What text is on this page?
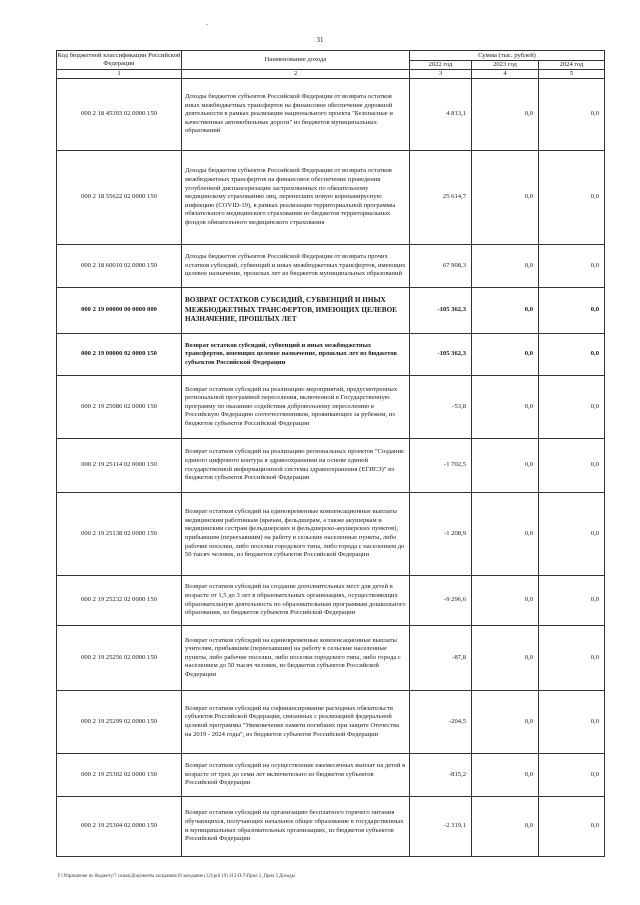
-
31
Код бюджетной классификации Российской Федерации	Наименование дохода	Сумма (тыс. рублей)		
		2022 год	2023 год	2024 год
1	2	3	4	5
000 2 18 45393 02 0000 150	Доходы бюджетов субъектов Российской Федерации от возврата остатков иных межбюджетных трансфертов на финансовое обеспечение дорожной деятельности в рамках реализации национального проекта "Безопасные и качественные автомобильные дороги" из бюджетов муниципальных образований	4 813,1	0,0	0,0
000 2 18 55622 02 0000 150	Доходы бюджетов субъектов Российской Федерации от возврата остатков межбюджетных трансфертов на финансовое обеспечение проведения углубленной диспансеризации застрахованных по обязательному медицинскому страхованию лиц, перенесших новую коронавирусную инфекцию (COVID-19), в рамках реализации территориальной программы обязательного медицинского страхования из бюджетов территориальных фондов обязательного медицинского страхования	25 614,7	0,0	0,0
000 2 18 60010 02 0000 150	Доходы бюджетов субъектов Российской Федерации от возврата прочих остатков субсидий, субвенций и иных межбюджетных трансфертов, имеющих целевое назначение, прошлых лет из бюджетов муниципальных образований	67 908,3	0,0	0,0
000 2 19 00000 00 0000 000	ВОЗВРАТ ОСТАТКОВ СУБСИДИЙ, СУБВЕНЦИЙ И ИНЫХ МЕЖБЮДЖЕТНЫХ ТРАНСФЕРТОВ, ИМЕЮЩИХ ЦЕЛЕВОЕ НАЗНАЧЕНИЕ, ПРОШЛЫХ ЛЕТ	-105 362,3	0,0	0,0
000 2 19 00000 02 0000 150	Возврат остатков субсидий, субвенций и иных межбюджетных трансфертов, имеющих целевое назначение, прошлых лет из бюджетов субъектов Российской Федерации	-105 362,3	0,0	0,0
000 2 19 25086 02 0000 150	Возврат остатков субсидий на реализацию мероприятий, предусмотренных региональной программой переселения, включенной в Государственную программу по оказанию содействия добровольному переселению в Российскую Федерацию соотечественников, проживающих за рубежом, из бюджетов субъектов Российской Федерации	-53,8	0,0	0,0
000 2 19 25114 02 0000 150	Возврат остатков субсидий на реализацию региональных проектов "Создание единого цифрового контура в здравоохранении на основе единой государственной информационной системы здравоохранения (ЕГИСЗ)" из бюджетов субъектов Российской Федерации	-1 702,5	0,0	0,0
000 2 19 25138 02 0000 150	Возврат остатков субсидий на единовременные компенсационные выплаты медицинским работникам (врачам, фельдшерам, а также акушеркам и медицинским сестрам фельдшерских и фельдшерско-акушерских пунктов), прибывшим (переехавшим) на работу в сельские населенные пункты, либо рабочие поселки, либо поселки городского типа, либо города с населением до 50 тысяч человек, из бюджетов субъектов Российской Федерации	-1 208,9	0,0	0,0
000 2 19 25232 02 0000 150	Возврат остатков субсидий на создание дополнительных мест для детей в возрасте от 1,5 до 3 лет в образовательных организациях, осуществляющих образовательную деятельность по образовательным программам дошкольного образования, из бюджетов субъектов Российской Федерации	-9 296,6	0,0	0,0
000 2 19 25256 02 0000 150	Возврат остатков субсидий на единовременные компенсационные выплаты учителям, прибывшим (переехавшим) на работу в сельские населенные пункты, либо рабочие поселки, либо поселки городского типа, либо города с населением до 50 тысяч человек, из бюджетов субъектов Российской Федерации	-87,8	0,0	0,0
000 2 19 25299 02 0000 150	Возврат остатков субсидий на софинансирование расходных обязательств субъектов Российской Федерации, связанных с реализацией федеральной целевой программы "Увековечение памяти погибших при защите Отечества на 2019 - 2024 годы", из бюджетов субъектов Российской Федерации	-204,5	0,0	0,0
000 2 19 25302 02 0000 150	Возврат остатков субсидий на осуществление ежемесячных выплат на детей в возрасте от трех до семи лет включительно из бюджетов субъектов Российской Федерации	-815,2	0,0	0,0
000 2 19 25304 02 0000 150	Возврат остатков субсидий на организацию бесплатного горячего питания обучающихся, получающих начальное общее образование в государственных и муниципальных образовательных организациях, из бюджетов субъектов Российской Федерации	-2 319,1	0,0	0,0
F:\Управление по бюджету\7 созыв\Документы заседания\19 заседание (12)\pril 19) 313-П-7\Прил 2_Прил 5 Доходы
